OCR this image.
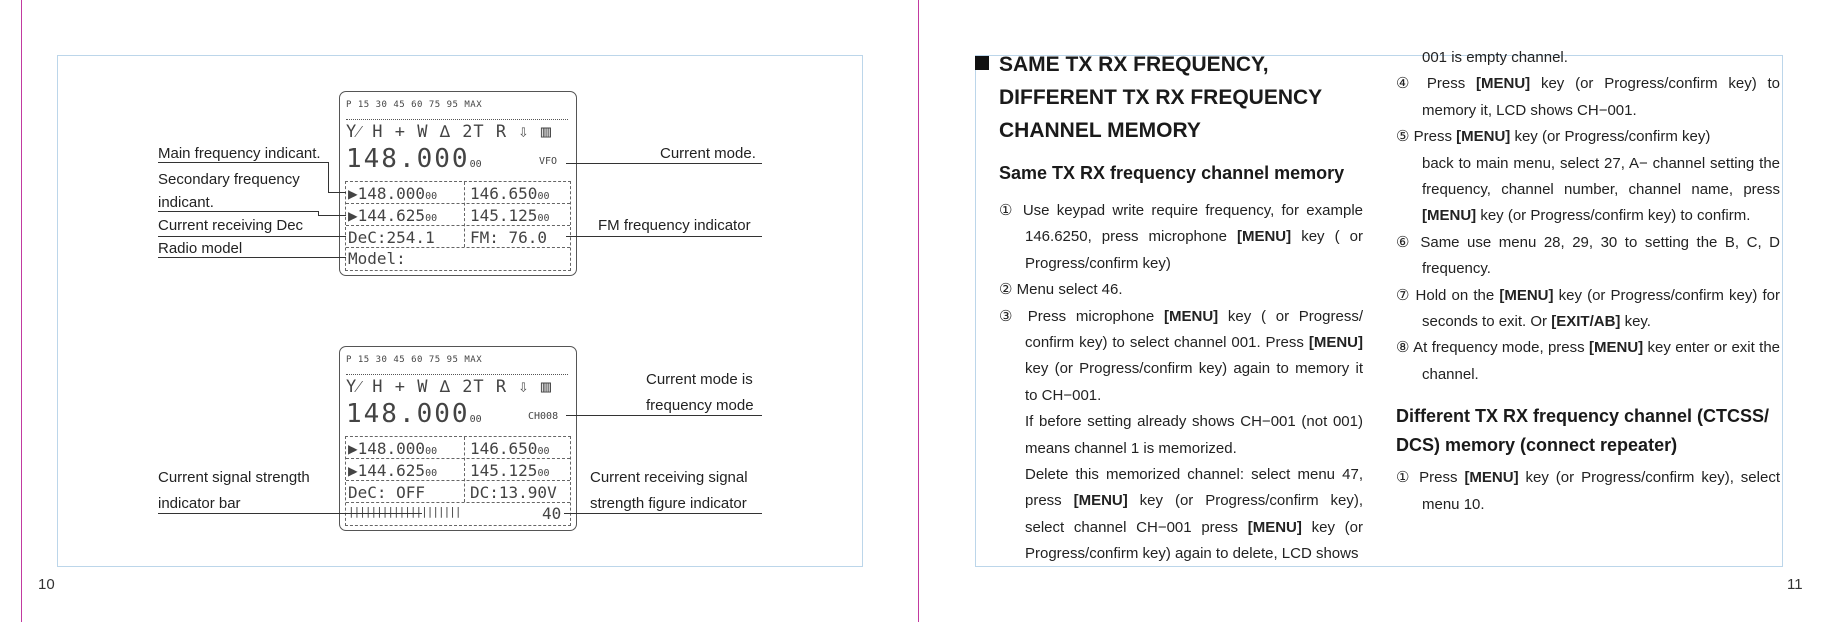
10
P 15 30 45 60 75 95 MAX
Y⁄ H + W ∆ 2T R ⇩ ▥
148.00000	VFO
▶148.00000 146.65000
▶144.62500 145.12500
DeC:254.1 FM: 76.0
Model:
Main frequency indicant.
Secondary frequency
indicant.
Current receiving Dec
Radio model
Current mode.
FM frequency indicator
P 15 30 45 60 75 95 MAX
Y⁄ H + W ∆ 2T R ⇩ ▥
148.00000	CH008
▶148.00000 146.65000
▶144.62500 145.12500
DeC: OFF	DC:13.90V
||||||||||||||||||||	40
Current mode is
frequency mode
Current signal strength
indicator bar
Current receiving signal
strength figure indicator
11
SAME TX RX FREQUENCY,
DIFFERENT TX RX FREQUENCY
CHANNEL MEMORY
Same TX RX frequency channel memory

① Use keypad write require frequency, for example 146.6250, press microphone [MENU] key ( or Progress/confirm key)

② Menu select 46.

③ Press microphone [MENU] key ( or Progress/ confirm key) to select channel 001. Press [MENU] key (or Progress/confirm key) again to memory it to CH−001.

If before setting already shows CH−001 (not 001) means channel 1 is memorized.

Delete this memorized channel: select menu 47, press [MENU] key (or Progress/confirm key), select channel CH−001 press [MENU] key (or Progress/confirm key) again to delete, LCD shows

001 is empty channel.

④ Press [MENU] key (or Progress/confirm key) to memory it, LCD shows CH−001.

⑤ Press [MENU] key (or Progress/confirm key)

back to main menu, select 27, A− channel setting the frequency, channel number, channel name, press [MENU] key (or Progress/confirm key) to confirm.

⑥ Same use menu 28, 29, 30 to setting the B, C, D frequency.

⑦ Hold on the [MENU] key (or Progress/confirm key) for seconds to exit. Or [EXIT/AB] key.

⑧ At frequency mode, press [MENU] key enter or exit the channel.

Different TX RX frequency channel (CTCSS/ DCS) memory (connect repeater)

① Press [MENU] key (or Progress/confirm key), select menu 10.
